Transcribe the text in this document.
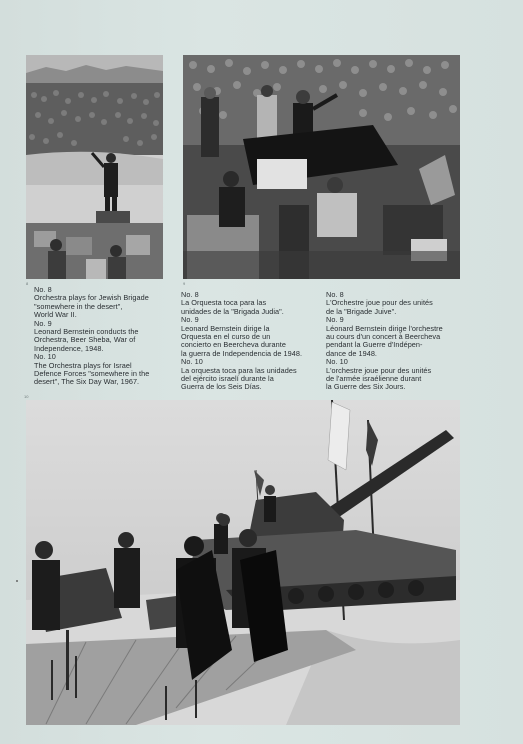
8	9
10
No. 8
Orchestra plays for Jewish Brigade
"somewhere in the desert",
World War II.
No. 9
Leonard Bernstein conducts the
Orchestra, Beer Sheba, War of
Independence, 1948.
No. 10
The Orchestra plays for Israel
Defence Forces "somewhere in the
desert", The Six Day War, 1967.
No. 8
La Orquesta toca para las
unidades de la "Brigada Judia".
No. 9
Leonard Bernstein dirige la
Orquesta en el curso de un
concierto en Beercheva durante
la guerra de Independencia de 1948.
No. 10
La orquesta toca para las unidades
del ejército israelí durante la
Guerra de los Seis Días.
No. 8
L'Orchestre joue pour des unités
de la "Brigade Juive".
No. 9
Léonard Bernstein dirige l'orchestre
au cours d'un concert à Beercheva
pendant la Guerre d'Indépen-
dance de 1948.
No. 10
L'orchestre joue pour des unités
de l'armée israélienne durant
la Guerre des Six Jours.
